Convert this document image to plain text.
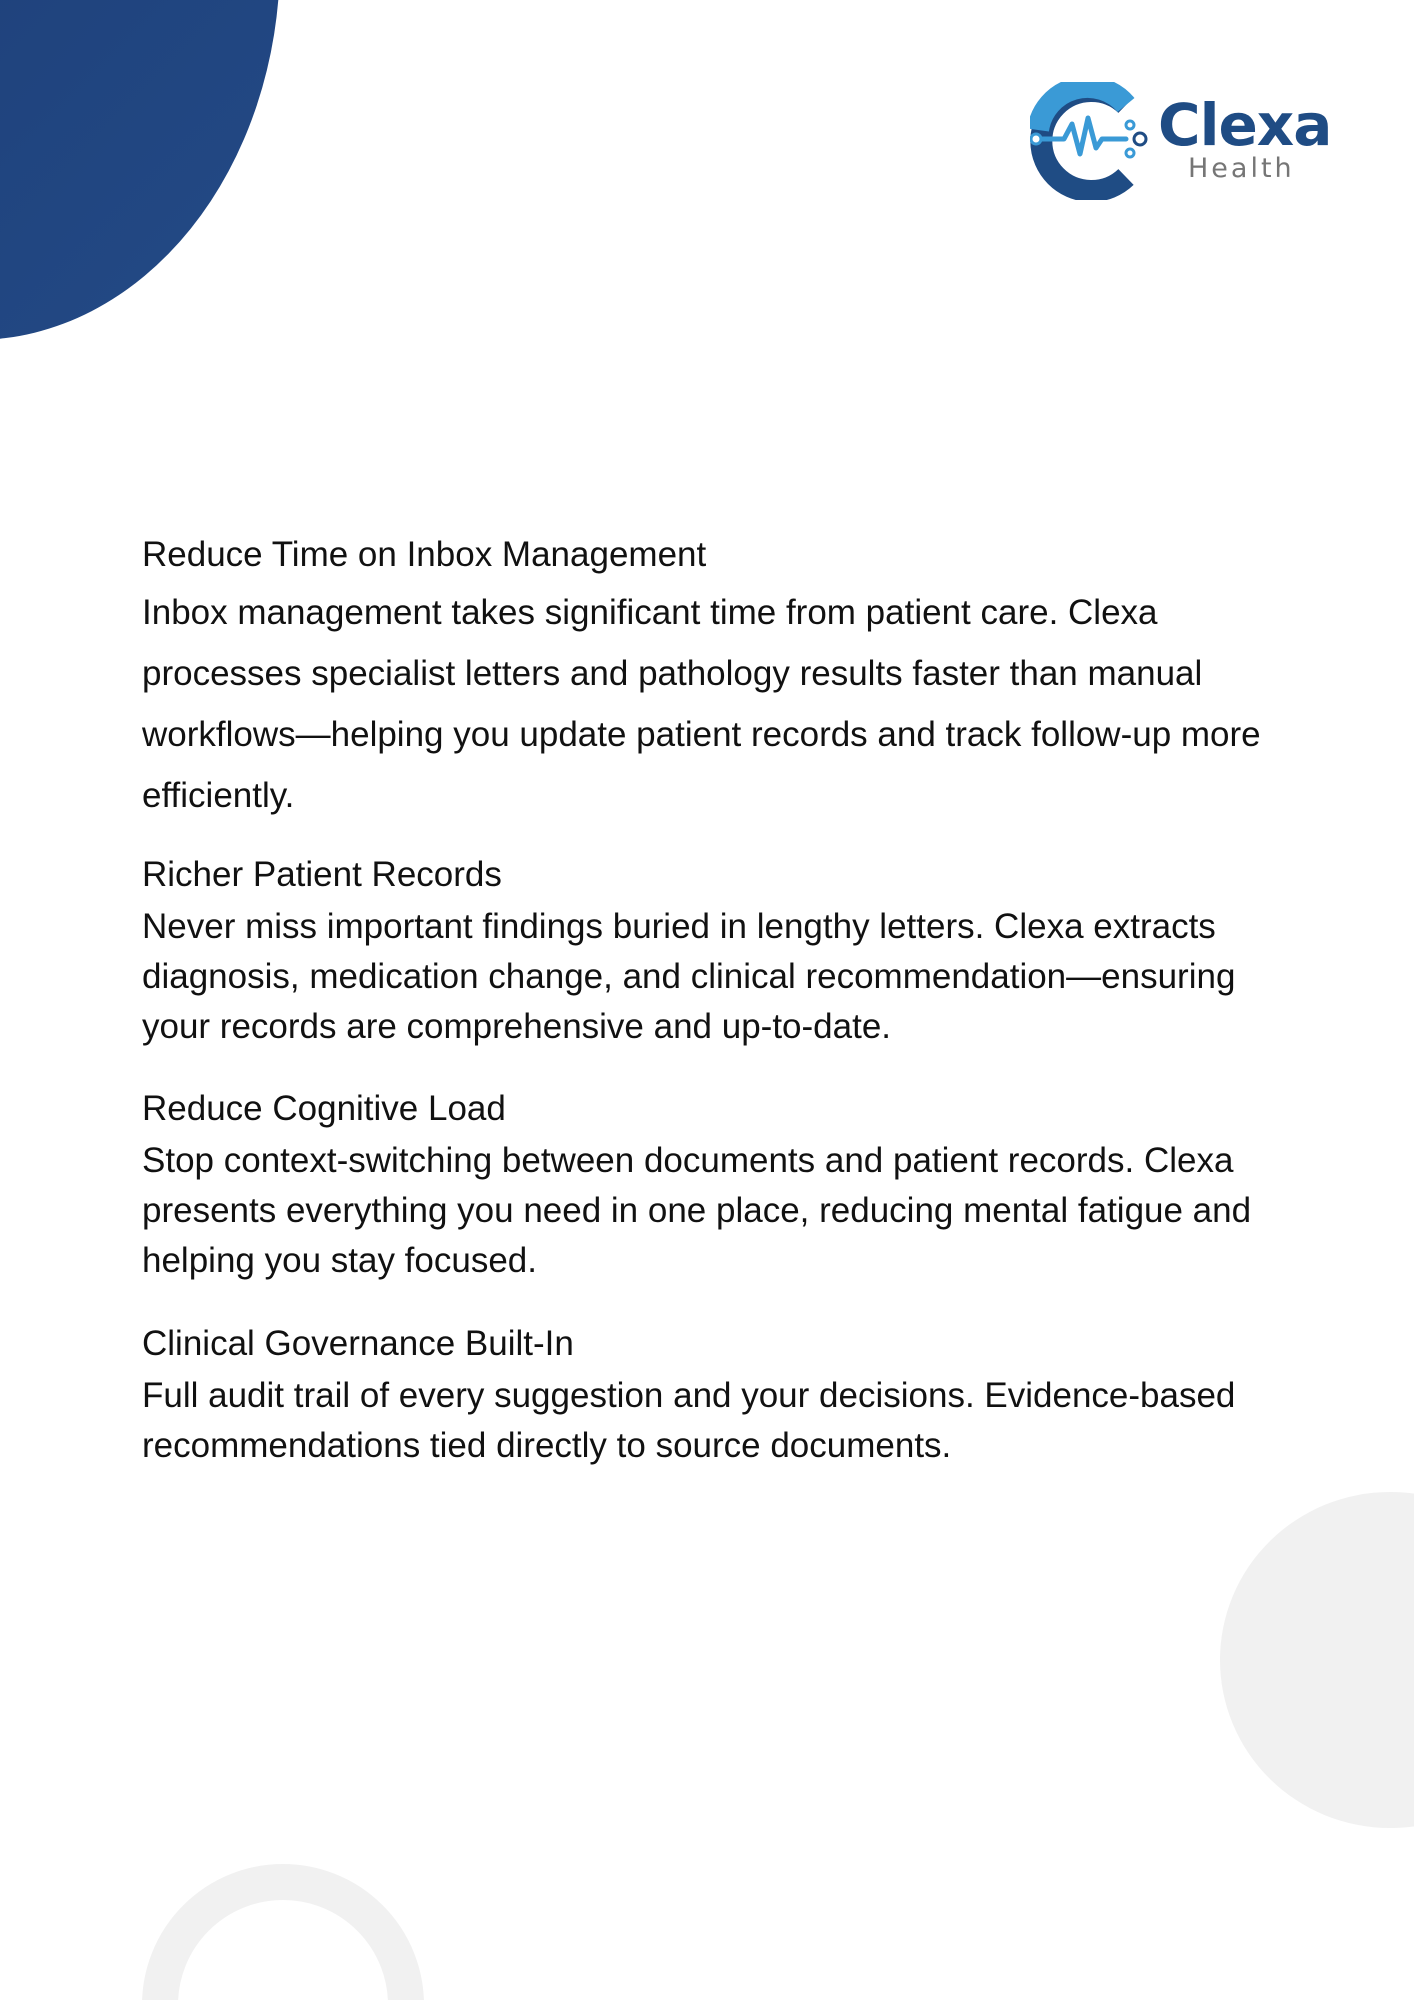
Clexa
Health
Reduce Time on Inbox Management

Inbox management takes significant time from patient care. Clexa processes specialist letters and pathology results faster than manual workflows—helping you update patient records and track follow-up more efficiently.

Richer Patient Records

Never miss important findings buried in lengthy letters. Clexa extracts diagnosis, medication change, and clinical recommendation—ensuring your records are comprehensive and up-to-date.

Reduce Cognitive Load

Stop context-switching between documents and patient records. Clexa presents everything you need in one place, reducing mental fatigue and helping you stay focused.

Clinical Governance Built-In

Full audit trail of every suggestion and your decisions. Evidence-based recommendations tied directly to source documents.
